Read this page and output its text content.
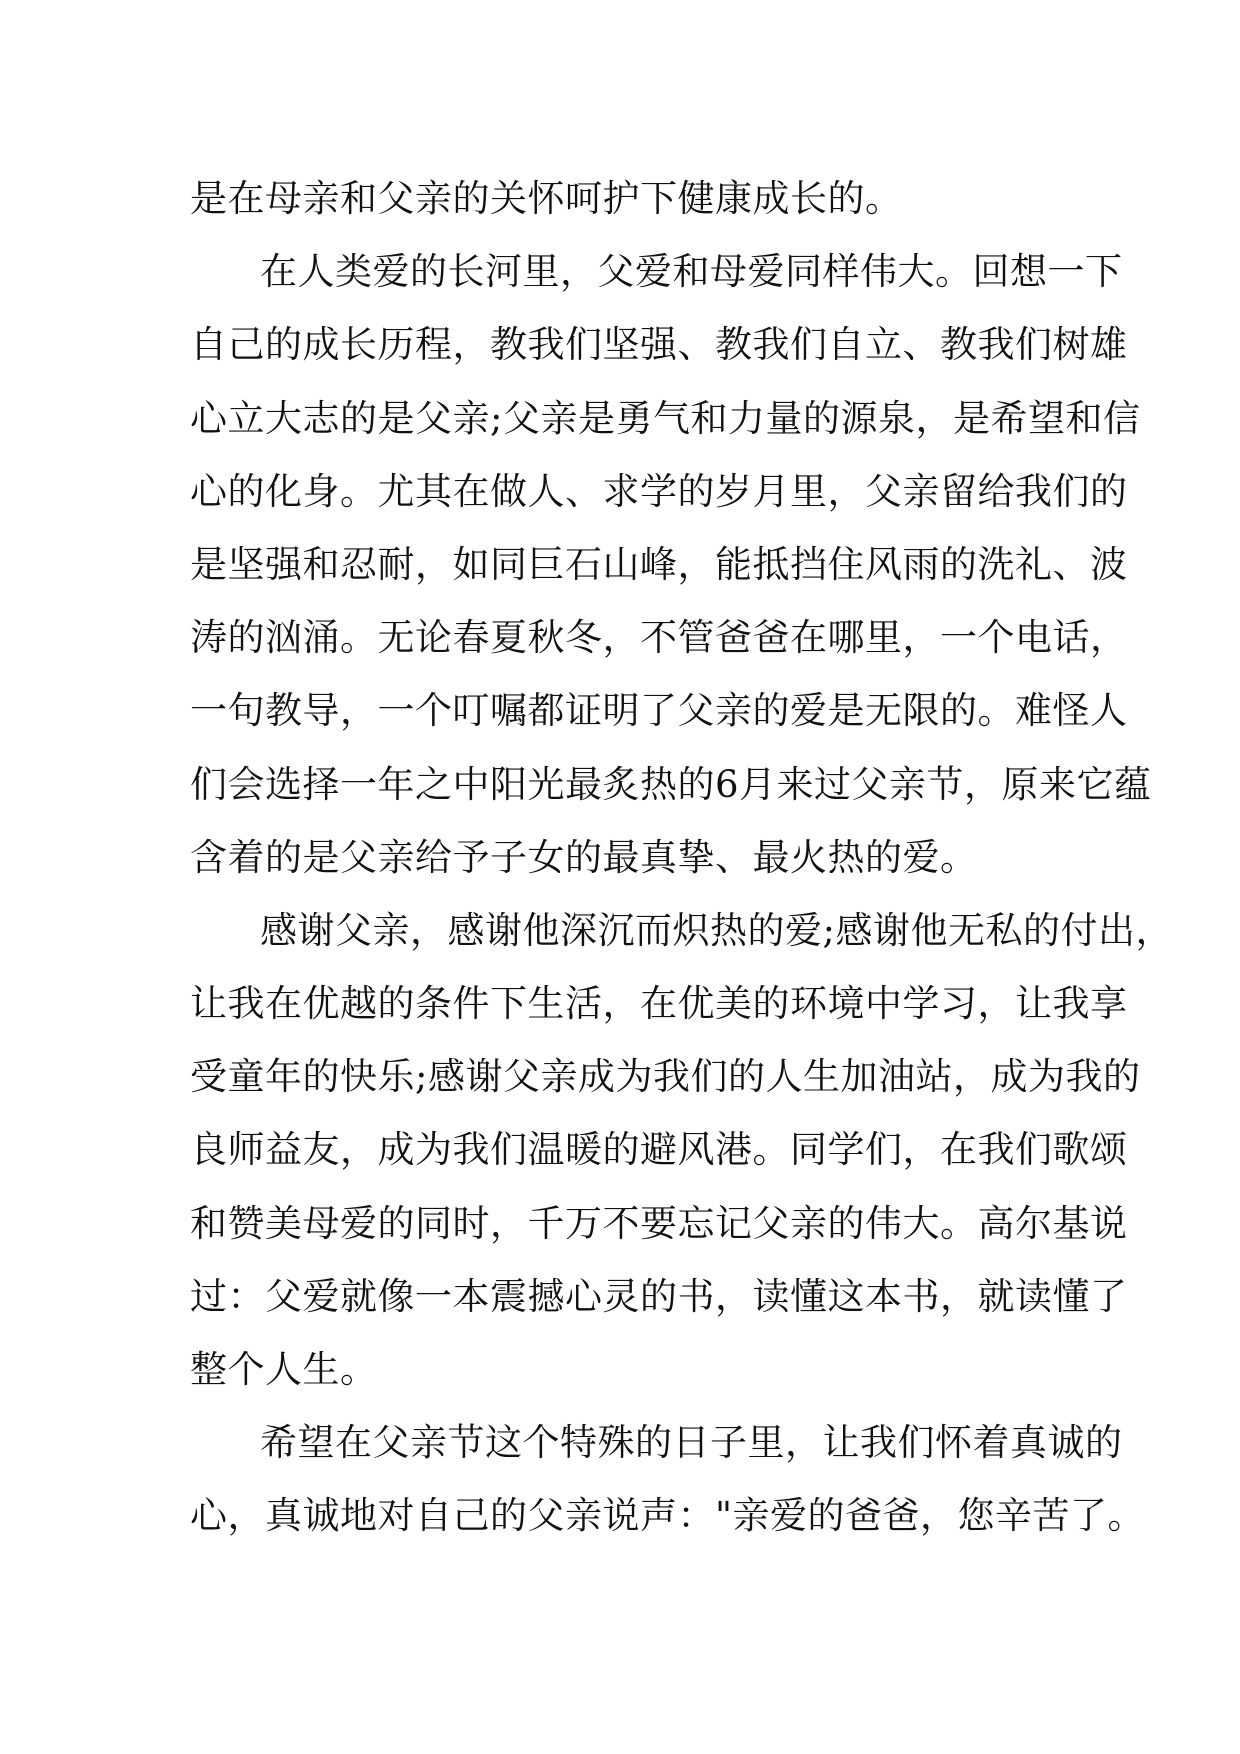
是在母亲和父亲的关怀呵护下健康成长的。
在人类爱的长河里，父爱和母爱同样伟大。回想一下
自己的成长历程，教我们坚强、教我们自立、教我们树雄
心立大志的是父亲;父亲是勇气和力量的源泉，是希望和信
心的化身。尤其在做人、求学的岁月里，父亲留给我们的
是坚强和忍耐，如同巨石山峰，能抵挡住风雨的洗礼、波
涛的汹涌。无论春夏秋冬，不管爸爸在哪里，一个电话，
一句教导，一个叮嘱都证明了父亲的爱是无限的。难怪人
们会选择一年之中阳光最炙热的6月来过父亲节，原来它蕴
含着的是父亲给予子女的最真挚、最火热的爱。
感谢父亲，感谢他深沉而炽热的爱;感谢他无私的付出，
让我在优越的条件下生活，在优美的环境中学习，让我享
受童年的快乐;感谢父亲成为我们的人生加油站，成为我的
良师益友，成为我们温暖的避风港。同学们，在我们歌颂
和赞美母爱的同时，千万不要忘记父亲的伟大。高尔基说
过：父爱就像一本震撼心灵的书，读懂这本书，就读懂了
整个人生。
希望在父亲节这个特殊的日子里，让我们怀着真诚的
心，真诚地对自己的父亲说声："亲爱的爸爸，您辛苦了。
